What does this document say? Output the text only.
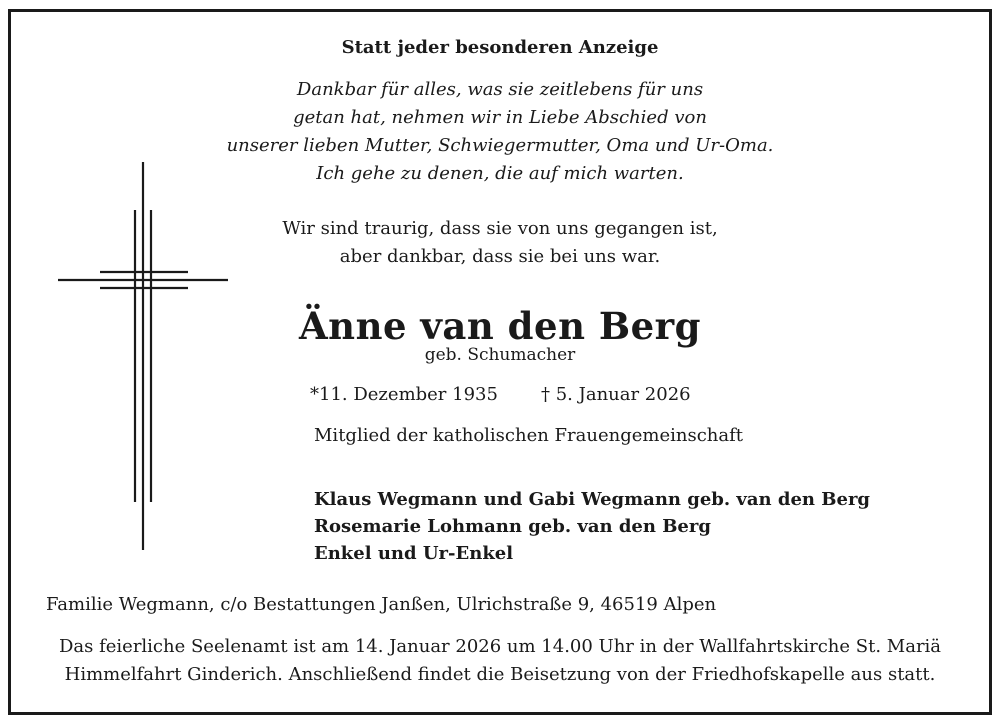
Statt jeder besonderen Anzeige
Dankbar für alles, was sie zeitlebens für uns
getan hat, nehmen wir in Liebe Abschied von
unserer lieben Mutter, Schwiegermutter, Oma und Ur-Oma.
Ich gehe zu denen, die auf mich warten.
Wir sind traurig, dass sie von uns gegangen ist,
aber dankbar, dass sie bei uns war.
Änne van den Berg
geb. Schumacher
*11. Dezember 1935 † 5. Januar 2026
Mitglied der katholischen Frauengemeinschaft
Klaus Wegmann und Gabi Wegmann geb. van den Berg
Rosemarie Lohmann geb. van den Berg
Enkel und Ur-Enkel
Familie Wegmann, c/o Bestattungen Janßen, Ulrichstraße 9, 46519 Alpen
Das feierliche Seelenamt ist am 14. Januar 2026 um 14.00 Uhr in der Wallfahrtskirche St. Mariä
Himmelfahrt Ginderich. Anschließend findet die Beisetzung von der Friedhofskapelle aus statt.
